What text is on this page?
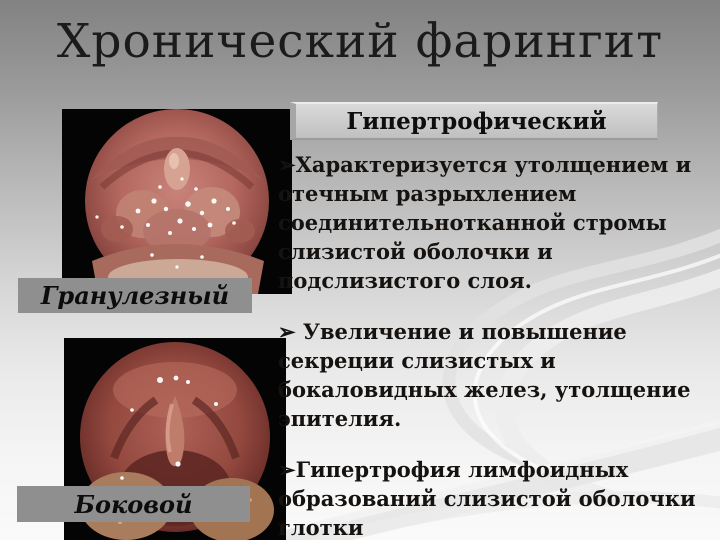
Хронический фарингит
Гранулезный
Боковой
Гипертрофический

➢Характеризуется утолщением и отечным разрыхлением соединительнотканной стромы слизистой оболочки и подслизистого слоя.

➢ Увеличение и повышение секреции слизистых и бокаловидных желез, утолщение эпителия.

➢Гипертрофия лимфоидных образований слизистой оболочки глотки
